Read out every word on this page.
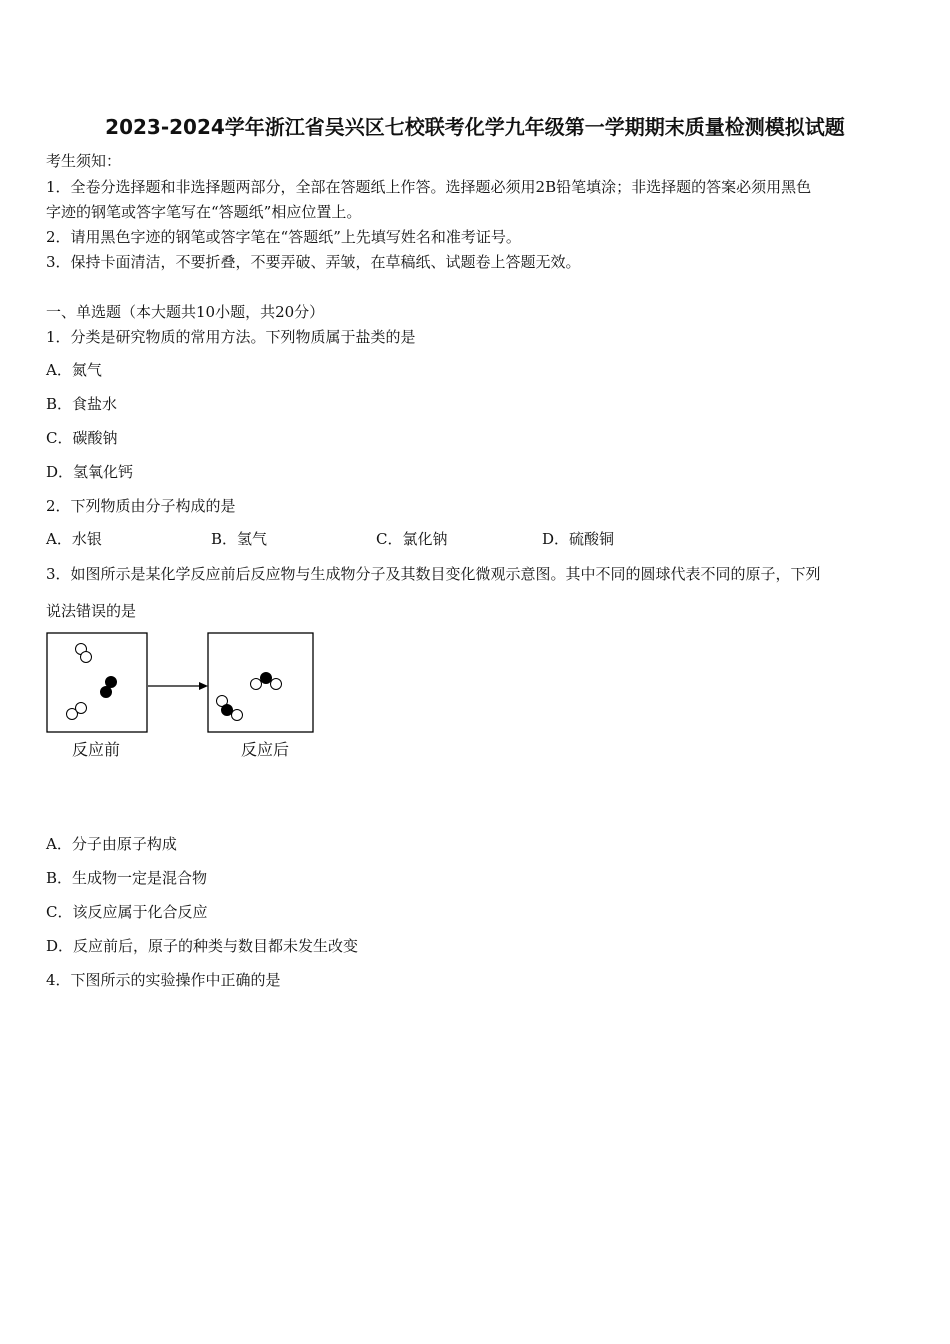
2023-2024学年浙江省吴兴区七校联考化学九年级第一学期期末质量检测模拟试题
考生须知：
1．全卷分选择题和非选择题两部分，全部在答题纸上作答。选择题必须用2B铅笔填涂；非选择题的答案必须用黑色
字迹的钢笔或答字笔写在“答题纸”相应位置上。
2．请用黑色字迹的钢笔或答字笔在“答题纸”上先填写姓名和准考证号。
3．保持卡面清洁，不要折叠，不要弄破、弄皱，在草稿纸、试题卷上答题无效。
一、单选题（本大题共10小题，共20分）
1．分类是研究物质的常用方法。下列物质属于盐类的是
A．氮气
B．食盐水
C．碳酸钠
D．氢氧化钙
2．下列物质由分子构成的是
A．水银	B．氢气	C．氯化钠	D．硫酸铜
3．如图所示是某化学反应前后反应物与生成物分子及其数目变化微观示意图。其中不同的圆球代表不同的原子，下列
说法错误的是
反应前	反应后
A．分子由原子构成
B．生成物一定是混合物
C．该反应属于化合反应
D．反应前后，原子的种类与数目都未发生改变
4．下图所示的实验操作中正确的是
